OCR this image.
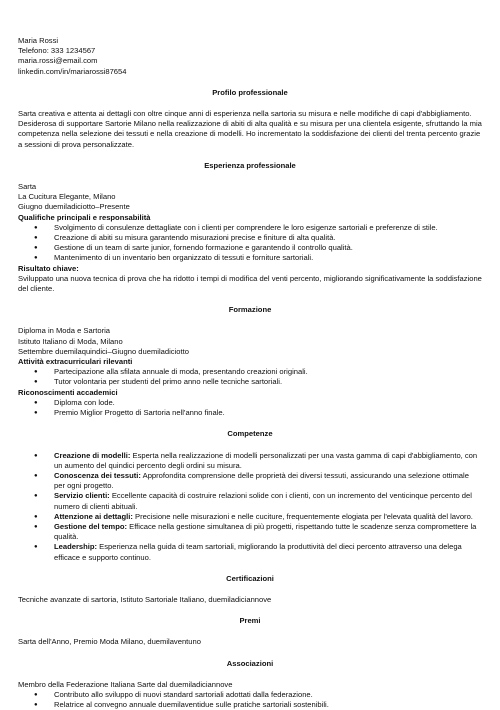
Maria Rossi
Telefono: 333 1234567
maria.rossi@email.com
linkedin.com/in/mariarossi87654
Profilo professionale

Sarta creativa e attenta ai dettagli con oltre cinque anni di esperienza nella sartoria su misura e nelle modifiche di capi d'abbigliamento. Desiderosa di supportare Sartorie Milano nella realizzazione di abiti di alta qualità e su misura per una clientela esigente, sfruttando la mia competenza nella selezione dei tessuti e nella creazione di modelli. Ho incrementato la soddisfazione dei clienti del trenta percento grazie a sessioni di prova personalizzate.

Esperienza professionale
Sarta
La Cucitura Elegante, Milano
Giugno duemiladiciotto–Presente
Qualifiche principali e responsabilità
● Svolgimento di consulenze dettagliate con i clienti per comprendere le loro esigenze sartoriali e preferenze di stile.
● Creazione di abiti su misura garantendo misurazioni precise e finiture di alta qualità.
● Gestione di un team di sarte junior, fornendo formazione e garantendo il controllo qualità.
● Mantenimento di un inventario ben organizzato di tessuti e forniture sartoriali.
Risultato chiave:

Sviluppato una nuova tecnica di prova che ha ridotto i tempi di modifica del venti percento, migliorando significativamente la soddisfazione del cliente.

Formazione
Diploma in Moda e Sartoria
Istituto Italiano di Moda, Milano
Settembre duemilaquindici–Giugno duemiladiciotto
Attività extracurriculari rilevanti
● Partecipazione alla sfilata annuale di moda, presentando creazioni originali.
● Tutor volontaria per studenti del primo anno nelle tecniche sartoriali.
Riconoscimenti accademici
● Diploma con lode.
● Premio Miglior Progetto di Sartoria nell'anno finale.
Competenze
● Creazione di modelli: Esperta nella realizzazione di modelli personalizzati per una vasta gamma di capi d'abbigliamento, con un aumento del quindici percento degli ordini su misura.
● Conoscenza dei tessuti: Approfondita comprensione delle proprietà dei diversi tessuti, assicurando una selezione ottimale per ogni progetto.
● Servizio clienti: Eccellente capacità di costruire relazioni solide con i clienti, con un incremento del venticinque percento del numero di clienti abituali.
● Attenzione ai dettagli: Precisione nelle misurazioni e nelle cuciture, frequentemente elogiata per l'elevata qualità del lavoro.
● Gestione del tempo: Efficace nella gestione simultanea di più progetti, rispettando tutte le scadenze senza compromettere la qualità.
● Leadership: Esperienza nella guida di team sartoriali, migliorando la produttività del dieci percento attraverso una delega efficace e supporto continuo.
Certificazioni

Tecniche avanzate di sartoria, Istituto Sartoriale Italiano, duemiladiciannove

Premi

Sarta dell'Anno, Premio Moda Milano, duemilaventuno

Associazioni
Membro della Federazione Italiana Sarte dal duemiladiciannove
● Contributo allo sviluppo di nuovi standard sartoriali adottati dalla federazione.
● Relatrice al convegno annuale duemilaventidue sulle pratiche sartoriali sostenibili.
